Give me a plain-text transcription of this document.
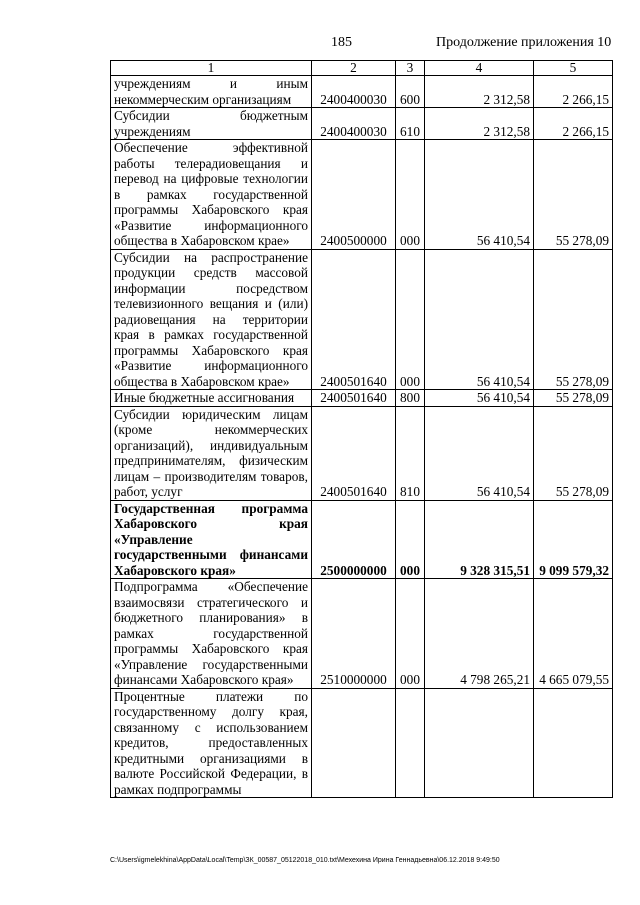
185	Продолжение приложения 10
1	2	3	4	5
учреждениям и иным некоммерческим организациям	2400400030	600	2 312,58	2 266,15
Субсидии бюджетным учреждениям	2400400030	610	2 312,58	2 266,15
Обеспечение эффективной работы телерадиовещания и перевод на цифровые технологии в рамках государственной программы Хабаровского края «Развитие информационного общества в Хабаровском крае»	2400500000	000	56 410,54	55 278,09
Субсидии на распространение продукции средств массовой информации посредством телевизионного вещания и (или) радиовещания на территории края в рамках государственной программы Хабаровского края «Развитие информационного общества в Хабаровском крае»	2400501640	000	56 410,54	55 278,09
Иные бюджетные ассигнования	2400501640	800	56 410,54	55 278,09
Субсидии юридическим лицам (кроме некоммерческих организаций), индивидуальным предпринимателям, физическим лицам – производителям товаров, работ, услуг	2400501640	810	56 410,54	55 278,09
Государственная программа Хабаровского края «Управление государственными финансами Хабаровского края»	2500000000	000	9 328 315,51	9 099 579,32
Подпрограмма «Обеспечение взаимосвязи стратегического и бюджетного планирования» в рамках государственной программы Хабаровского края «Управление государственными финансами Хабаровского края»	2510000000	000	4 798 265,21	4 665 079,55
Процентные платежи по государственному долгу края, связанному с использованием кредитов, предоставленных кредитными организациями в валюте Российской Федерации, в рамках подпрограммы				
C:\Users\igmelekhina\AppData\Local\Temp\ЗК_00587_05122018_010.txt\Мехехина Ирина Геннадьевна\06.12.2018 9:49:50
